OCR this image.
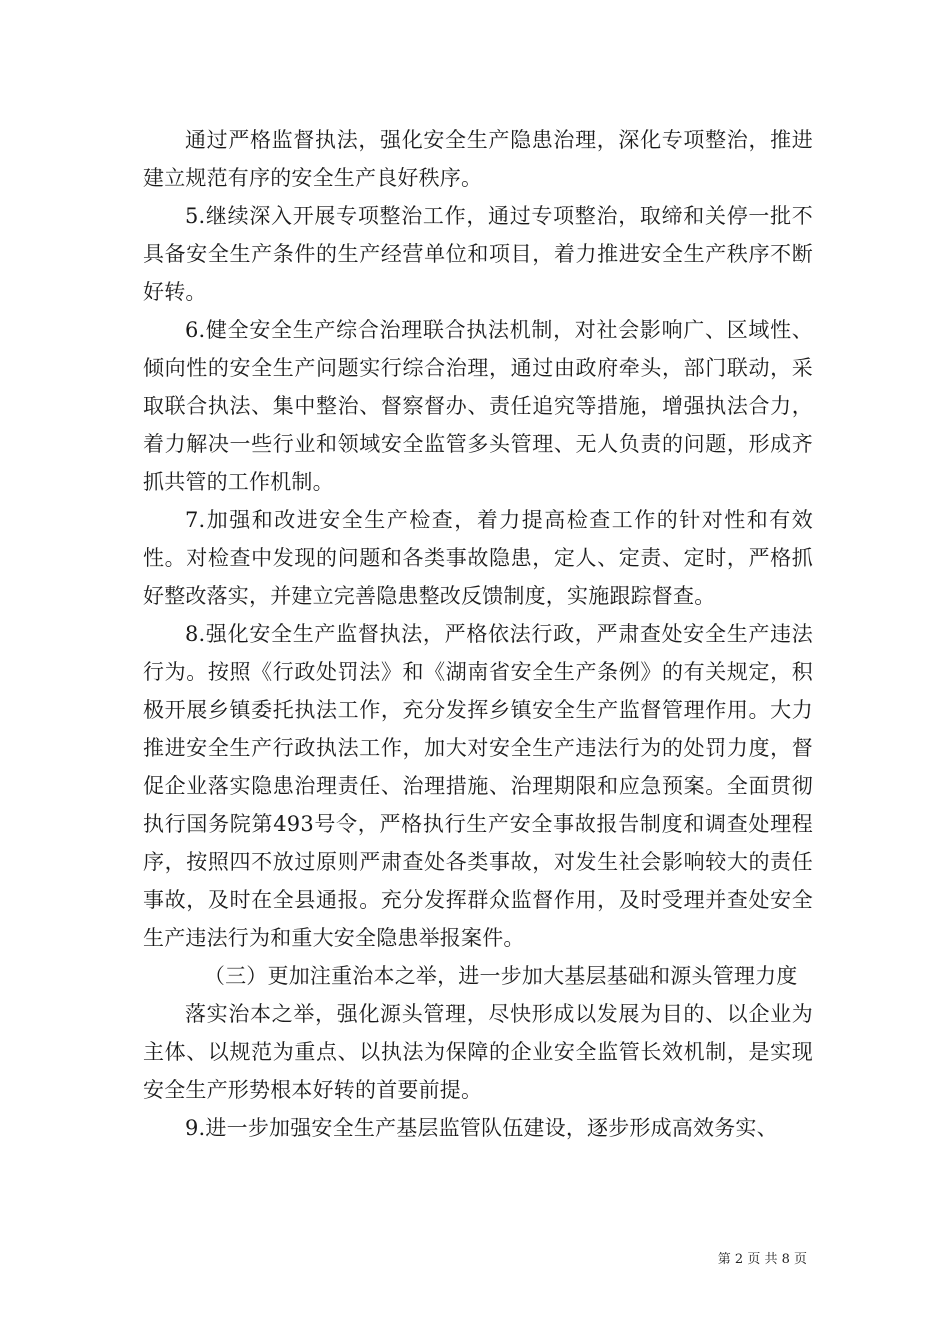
通过严格监督执法，强化安全生产隐患治理，深化专项整治，推进建立规范有序的安全生产良好秩序。

5.继续深入开展专项整治工作，通过专项整治，取缔和关停一批不具备安全生产条件的生产经营单位和项目，着力推进安全生产秩序不断好转。

6.健全安全生产综合治理联合执法机制，对社会影响广、区域性、倾向性的安全生产问题实行综合治理，通过由政府牵头，部门联动，采取联合执法、集中整治、督察督办、责任追究等措施，增强执法合力，着力解决一些行业和领域安全监管多头管理、无人负责的问题，形成齐抓共管的工作机制。

7.加强和改进安全生产检查，着力提高检查工作的针对性和有效性。对检查中发现的问题和各类事故隐患，定人、定责、定时，严格抓好整改落实，并建立完善隐患整改反馈制度，实施跟踪督查。

8.强化安全生产监督执法，严格依法行政，严肃查处安全生产违法行为。按照《行政处罚法》和《湖南省安全生产条例》的有关规定，积极开展乡镇委托执法工作，充分发挥乡镇安全生产监督管理作用。大力推进安全生产行政执法工作，加大对安全生产违法行为的处罚力度，督促企业落实隐患治理责任、治理措施、治理期限和应急预案。全面贯彻执行国务院第493号令，严格执行生产安全事故报告制度和调查处理程序，按照四不放过原则严肃查处各类事故，对发生社会影响较大的责任事故，及时在全县通报。充分发挥群众监督作用，及时受理并查处安全生产违法行为和重大安全隐患举报案件。

（三）更加注重治本之举，进一步加大基层基础和源头管理力度

落实治本之举，强化源头管理，尽快形成以发展为目的、以企业为主体、以规范为重点、以执法为保障的企业安全监管长效机制，是实现安全生产形势根本好转的首要前提。

9.进一步加强安全生产基层监管队伍建设，逐步形成高效务实、

第 2 页 共 8 页
